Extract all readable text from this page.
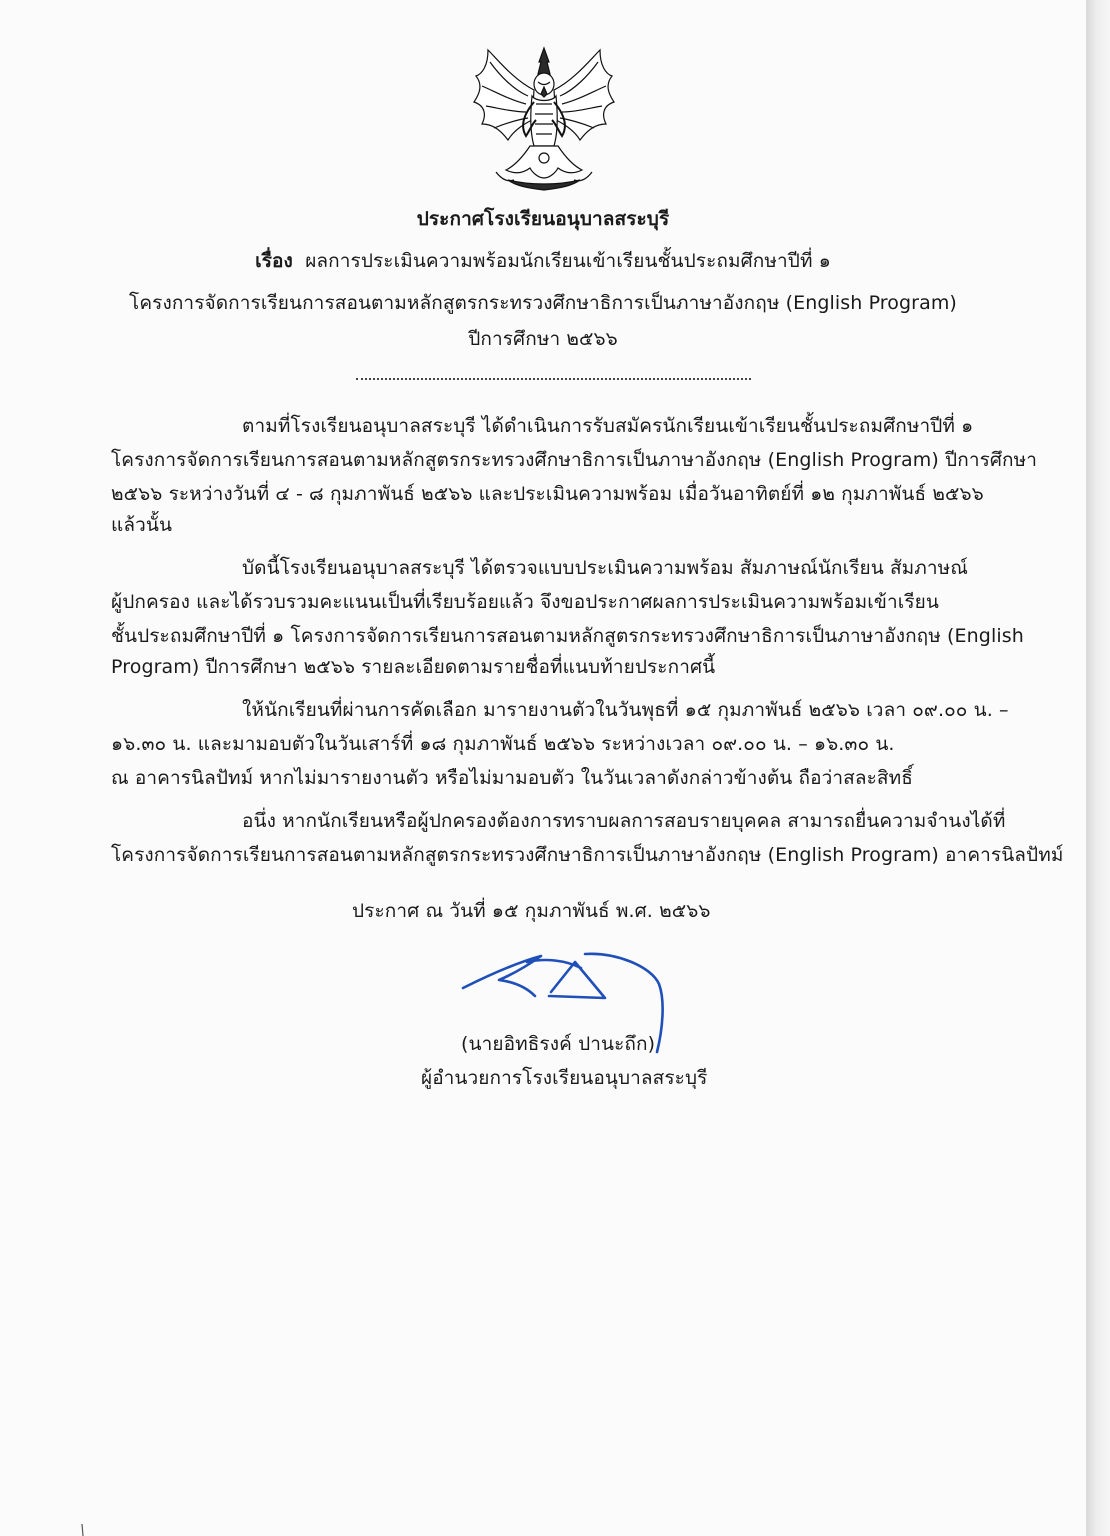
ประกาศโรงเรียนอนุบาลสระบุรี
เรื่อง ผลการประเมินความพร้อมนักเรียนเข้าเรียนชั้นประถมศึกษาปีที่ ๑
โครงการจัดการเรียนการสอนตามหลักสูตรกระทรวงศึกษาธิการเป็นภาษาอังกฤษ (English Program)
ปีการศึกษา ๒๕๖๖
ตามที่โรงเรียนอนุบาลสระบุรี ได้ดำเนินการรับสมัครนักเรียนเข้าเรียนชั้นประถมศึกษาปีที่ ๑
โครงการจัดการเรียนการสอนตามหลักสูตรกระทรวงศึกษาธิการเป็นภาษาอังกฤษ (English Program) ปีการศึกษา
๒๕๖๖ ระหว่างวันที่ ๔ - ๘ กุมภาพันธ์ ๒๕๖๖ และประเมินความพร้อม เมื่อวันอาทิตย์ที่ ๑๒ กุมภาพันธ์ ๒๕๖๖
แล้วนั้น
บัดนี้โรงเรียนอนุบาลสระบุรี ได้ตรวจแบบประเมินความพร้อม สัมภาษณ์นักเรียน สัมภาษณ์
ผู้ปกครอง และได้รวบรวมคะแนนเป็นที่เรียบร้อยแล้ว จึงขอประกาศผลการประเมินความพร้อมเข้าเรียน
ชั้นประถมศึกษาปีที่ ๑ โครงการจัดการเรียนการสอนตามหลักสูตรกระทรวงศึกษาธิการเป็นภาษาอังกฤษ (English
Program) ปีการศึกษา ๒๕๖๖ รายละเอียดตามรายชื่อที่แนบท้ายประกาศนี้
ให้นักเรียนที่ผ่านการคัดเลือก มารายงานตัวในวันพุธที่ ๑๕ กุมภาพันธ์ ๒๕๖๖ เวลา ๐๙.๐๐ น. –
๑๖.๓๐ น. และมามอบตัวในวันเสาร์ที่ ๑๘ กุมภาพันธ์ ๒๕๖๖ ระหว่างเวลา ๐๙.๐๐ น. – ๑๖.๓๐ น.
ณ อาคารนิลปัทม์ หากไม่มารายงานตัว หรือไม่มามอบตัว ในวันเวลาดังกล่าวข้างต้น ถือว่าสละสิทธิ์
อนึ่ง หากนักเรียนหรือผู้ปกครองต้องการทราบผลการสอบรายบุคคล สามารถยื่นความจำนงได้ที่
โครงการจัดการเรียนการสอนตามหลักสูตรกระทรวงศึกษาธิการเป็นภาษาอังกฤษ (English Program) อาคารนิลปัทม์
ประกาศ ณ วันที่ ๑๕ กุมภาพันธ์ พ.ศ. ๒๕๖๖
(นายอิทธิรงค์ ปานะถึก)
ผู้อำนวยการโรงเรียนอนุบาลสระบุรี
